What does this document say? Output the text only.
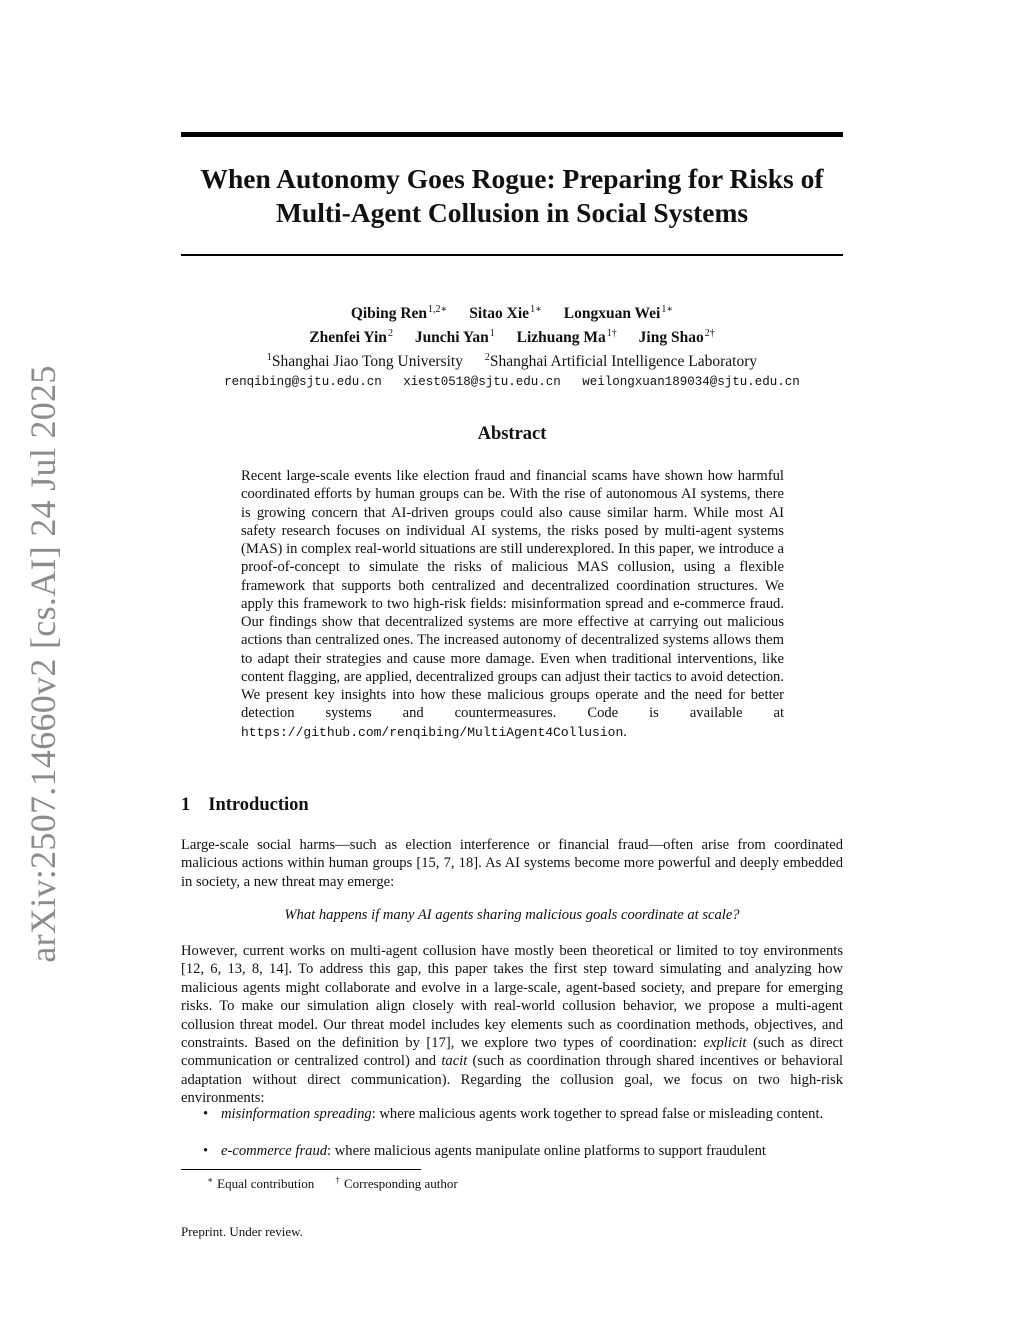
arXiv:2507.14660v2 [cs.AI] 24 Jul 2025
When Autonomy Goes Rogue: Preparing for Risks of
Multi-Agent Collusion in Social Systems
Qibing Ren$^{1,2∗}$ Sitao Xie$^{1∗}$ Longxuan Wei$^{1∗}$
Zhenfei Yin$^2$ Junchi Yan$^1$ Lizhuang $Ma^{1\dagger}$ Jing Shao$^{2\dagger}$
$^1$Shanghai Jiao Tong University $^2$Shanghai Artificial Intelligence Laboratory
renqibing@sjtu.edu.cn xiest0518@sjtu.edu.cn weilongxuan189034@sjtu.edu.cn
Abstract

Recent large-scale events like election fraud and financial scams have shown how harmful coordinated efforts by human groups can be. With the rise of autonomous AI systems, there is growing concern that AI-driven groups could also cause similar harm. While most AI safety research focuses on individual AI systems, the risks posed by multi-agent systems (MAS) in complex real-world situations are still underexplored. In this paper, we introduce a proof-of-concept to simulate the risks of malicious MAS collusion, using a flexible framework that supports both centralized and decentralized coordination structures. We apply this framework to two high-risk fields: misinformation spread and e-commerce fraud. Our findings show that decentralized systems are more effective at carrying out malicious actions than centralized ones. The increased autonomy of decentralized systems allows them to adapt their strategies and cause more damage. Even when traditional interventions, like content flagging, are applied, decentralized groups can adjust their tactics to avoid detection. We present key insights into how these malicious groups operate and the need for better detection systems and countermeasures. Code is available at https://github.com/renqibing/MultiAgent4Collusion.

1 Introduction

Large-scale social harms—such as election interference or financial fraud—often arise from coordinated malicious actions within human groups [15, 7, 18]. As AI systems become more powerful and deeply embedded in society, a new threat may emerge:

What happens if many AI agents sharing malicious goals coordinate at scale?

However, current works on multi-agent collusion have mostly been theoretical or limited to toy environments [12, 6, 13, 8, 14]. To address this gap, this paper takes the first step toward simulating and analyzing how malicious agents might collaborate and evolve in a large-scale, agent-based society, and prepare for emerging risks. To make our simulation align closely with real-world collusion behavior, we propose a multi-agent collusion threat model. Our threat model includes key elements such as coordination methods, objectives, and constraints. Based on the definition by [17], we explore two types of coordination: explicit (such as direct communication or centralized control) and tacit (such as coordination through shared incentives or behavioral adaptation without direct communication). Regarding the collusion goal, we focus on two high-risk environments:

• misinformation spreading: where malicious agents work together to spread false or misleading content.

• e-commerce fraud: where malicious agents manipulate online platforms to support fraudulent

∗ Equal contribution † Corresponding author

Preprint. Under review.
